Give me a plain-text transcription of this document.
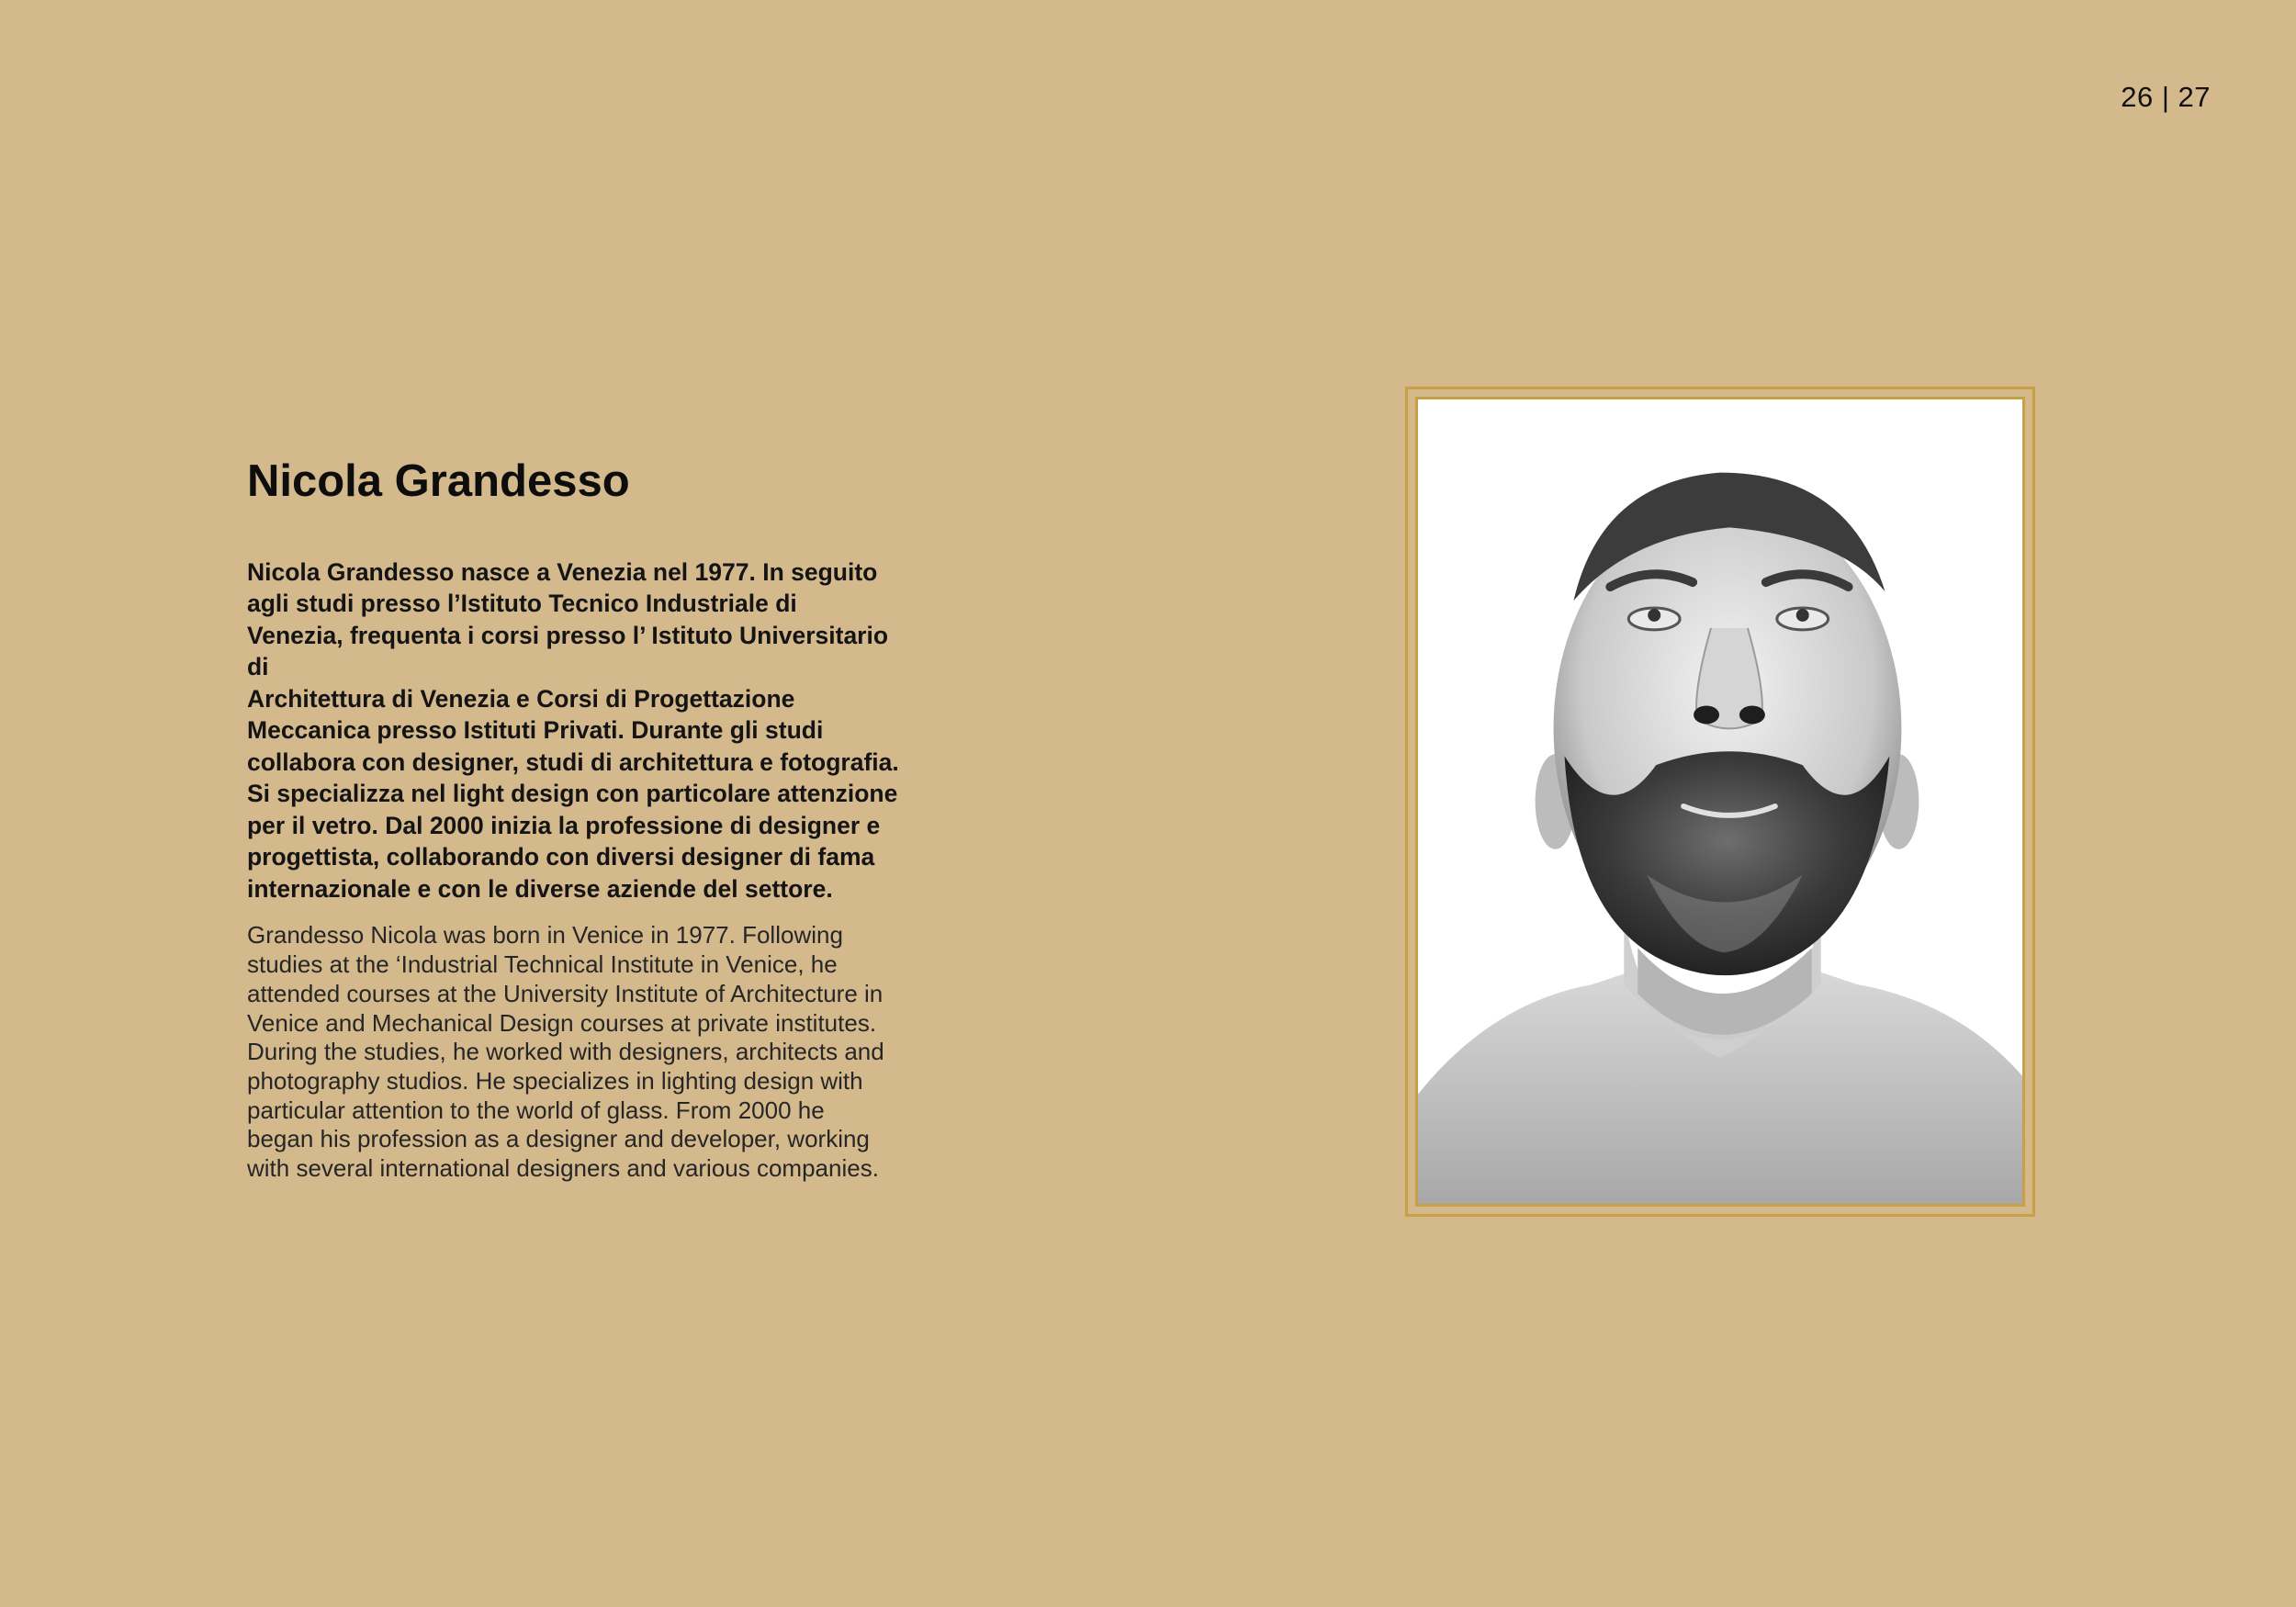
26 | 27
Nicola Grandesso

Nicola Grandesso nasce a Venezia nel 1977. In seguito
agli studi presso l’Istituto Tecnico Industriale di
Venezia, frequenta i corsi presso l’ Istituto Universitario di
Architettura di Venezia e Corsi di Progettazione
Meccanica presso Istituti Privati. Durante gli studi
collabora con designer, studi di architettura e fotografia.
Si specializza nel light design con particolare attenzione
per il vetro. Dal 2000 inizia la professione di designer e
progettista, collaborando con diversi designer di fama
internazionale e con le diverse aziende del settore.

Grandesso Nicola was born in Venice in 1977. Following
studies at the ‘Industrial Technical Institute in Venice, he
attended courses at the University Institute of Architecture in
Venice and Mechanical Design courses at private institutes.
During the studies, he worked with designers, architects and
photography studios. He specializes in lighting design with
particular attention to the world of glass. From 2000 he
began his profession as a designer and developer, working
with several international designers and various companies.
